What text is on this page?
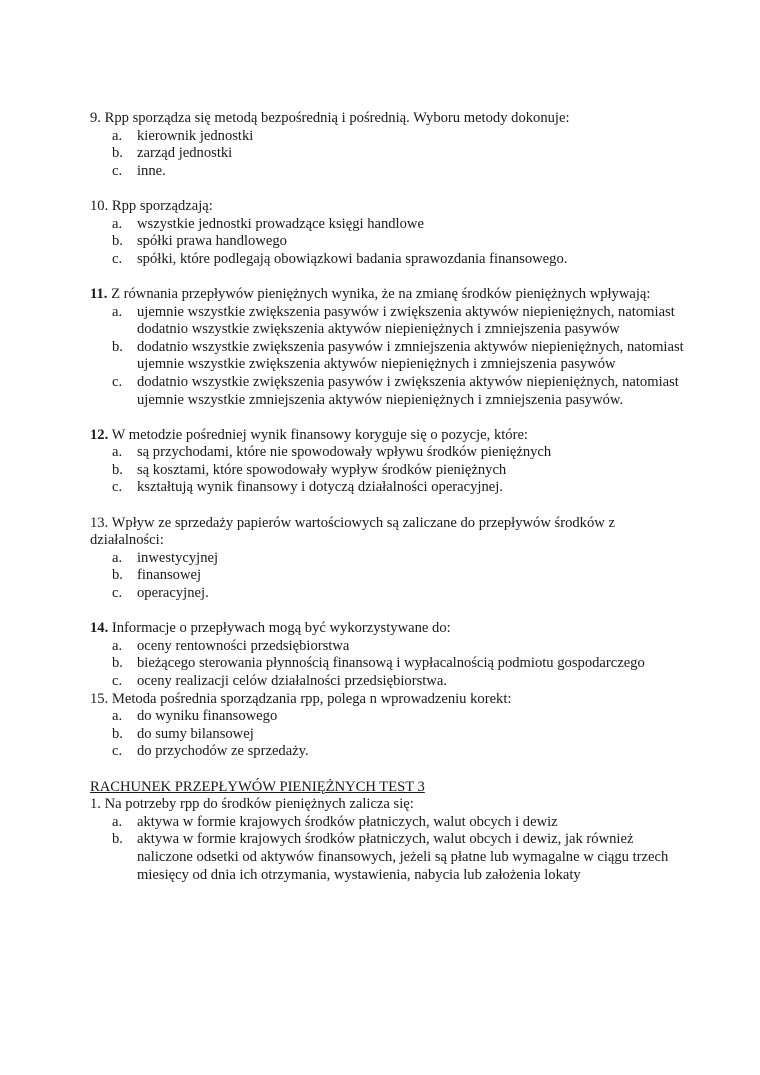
9. Rpp sporządza się metodą bezpośrednią i pośrednią. Wyboru metody dokonuje:

a. kierownik jednostki
b. zarząd jednostki
c. inne.

10. Rpp sporządzają:

a. wszystkie jednostki prowadzące księgi handlowe
b. spółki prawa handlowego
c. spółki, które podlegają obowiązkowi badania sprawozdania finansowego.

11. Z równania przepływów pieniężnych wynika, że na zmianę środków pieniężnych wpływają:

a. ujemnie wszystkie zwiększenia pasywów i zwiększenia aktywów niepieniężnych, natomiast dodatnio wszystkie zwiększenia aktywów niepieniężnych i zmniejszenia pasywów
b. dodatnio wszystkie zwiększenia pasywów i zmniejszenia aktywów niepieniężnych, natomiast ujemnie wszystkie zwiększenia aktywów niepieniężnych i zmniejszenia pasywów
c. dodatnio wszystkie zwiększenia pasywów i zwiększenia aktywów niepieniężnych, natomiast ujemnie wszystkie zmniejszenia aktywów niepieniężnych i zmniejszenia pasywów.

12. W metodzie pośredniej wynik finansowy koryguje się o pozycje, które:

a. są przychodami, które nie spowodowały wpływu środków pieniężnych
b. są kosztami, które spowodowały wypływ środków pieniężnych
c. kształtują wynik finansowy i dotyczą działalności operacyjnej.

13. Wpływ ze sprzedaży papierów wartościowych są zaliczane do przepływów środków z działalności:

a. inwestycyjnej
b. finansowej
c. operacyjnej.

14. Informacje o przepływach mogą być wykorzystywane do:

a. oceny rentowności przedsiębiorstwa
b. bieżącego sterowania płynnością finansową i wypłacalnością podmiotu gospodarczego
c. oceny realizacji celów działalności przedsiębiorstwa.

15. Metoda pośrednia sporządzania rpp, polega n wprowadzeniu korekt:

a. do wyniku finansowego
b. do sumy bilansowej
c. do przychodów ze sprzedaży.

RACHUNEK PRZEPŁYWÓW PIENIĘŻNYCH TEST 3

1. Na potrzeby rpp do środków pieniężnych zalicza się:

a. aktywa w formie krajowych środków płatniczych, walut obcych i dewiz
b. aktywa w formie krajowych środków płatniczych, walut obcych i dewiz, jak również naliczone odsetki od aktywów finansowych, jeżeli są płatne lub wymagalne w ciągu trzech miesięcy od dnia ich otrzymania, wystawienia, nabycia lub założenia lokaty
